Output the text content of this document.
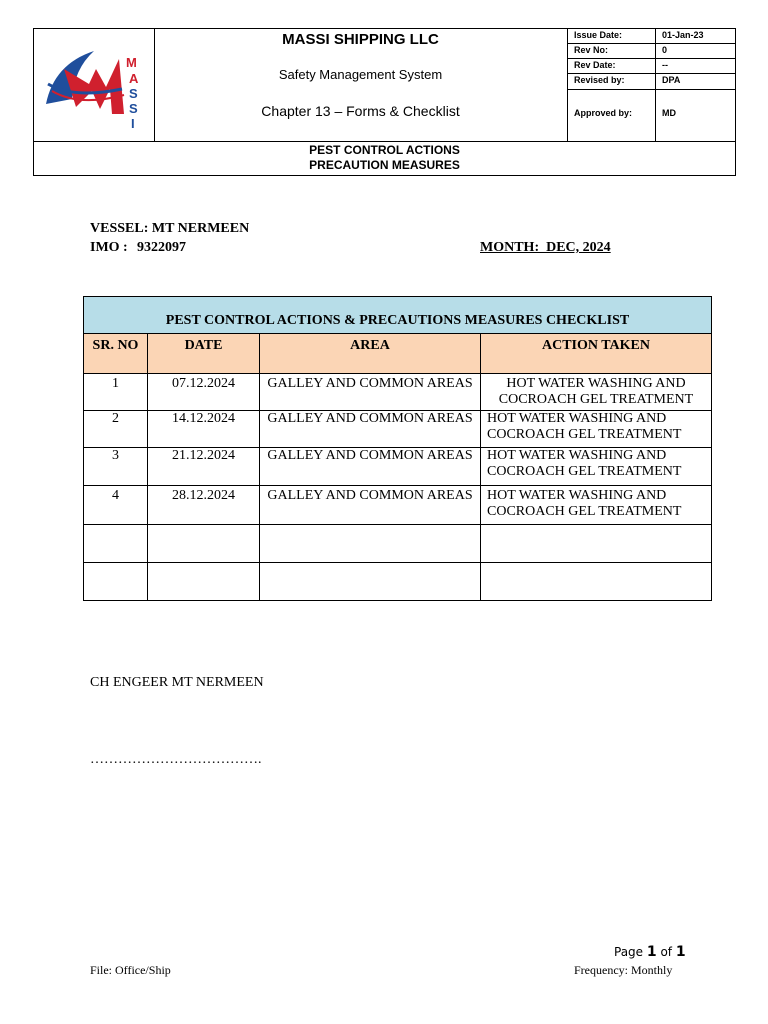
M
A
S
S
I
MASSI SHIPPING LLC
Safety Management System
Chapter 13 – Forms & Checklist
Issue Date:	01-Jan-23
Rev No:	0
Rev Date:	--
Revised by:	DPA
Approved by:	MD
PEST CONTROL ACTIONS
PRECAUTION MEASURES
VESSEL: MT NERMEEN
IMO : 9322097	MONTH:  DEC, 2024
PEST CONTROL ACTIONS & PRECAUTIONS MEASURES CHECKLIST
SR. NO	DATE	AREA	ACTION TAKEN
1	07.12.2024	GALLEY AND COMMON AREAS	HOT WATER WASHING AND
COCROACH GEL TREATMENT
2	14.12.2024	GALLEY AND COMMON AREAS	HOT WATER WASHING AND
COCROACH GEL TREATMENT
3	21.12.2024	GALLEY AND COMMON AREAS	HOT WATER WASHING AND
COCROACH GEL TREATMENT
4	28.12.2024	GALLEY AND COMMON AREAS	HOT WATER WASHING AND
COCROACH GEL TREATMENT
CH ENGEER MT NERMEEN
……………………………….
Page 1 of 1
File: Office/Ship	Frequency: Monthly
